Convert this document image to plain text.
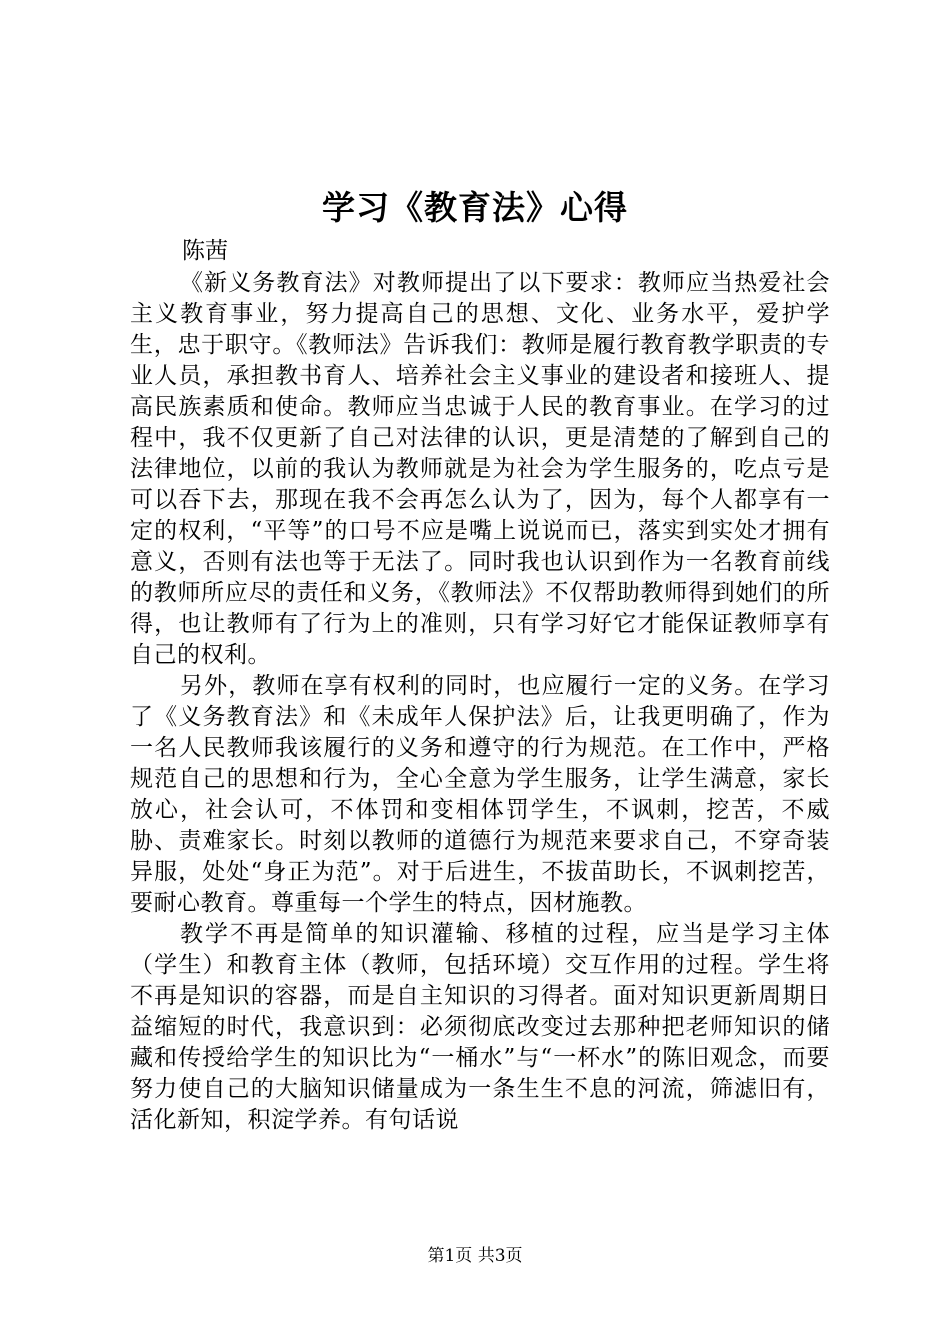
学习《教育法》心得
陈茜

《新义务教育法》对教师提出了以下要求：教师应当热爱社会主义教育事业，努力提高自己的思想、文化、业务水平，爱护学生，忠于职守。《教师法》告诉我们：教师是履行教育教学职责的专业人员，承担教书育人、培养社会主义事业的建设者和接班人、提高民族素质和使命。教师应当忠诚于人民的教育事业。在学习的过程中，我不仅更新了自己对法律的认识，更是清楚的了解到自己的法律地位，以前的我认为教师就是为社会为学生服务的，吃点亏是可以吞下去，那现在我不会再怎么认为了，因为，每个人都享有一定的权利，“平等”的口号不应是嘴上说说而已，落实到实处才拥有意义，否则有法也等于无法了。同时我也认识到作为一名教育前线的教师所应尽的责任和义务，《教师法》不仅帮助教师得到她们的所得，也让教师有了行为上的准则，只有学习好它才能保证教师享有自己的权利。

另外，教师在享有权利的同时，也应履行一定的义务。在学习了《义务教育法》和《未成年人保护法》后，让我更明确了，作为一名人民教师我该履行的义务和遵守的行为规范。在工作中，严格规范自己的思想和行为，全心全意为学生服务，让学生满意，家长放心，社会认可，不体罚和变相体罚学生，不讽刺，挖苦，不威胁、责难家长。时刻以教师的道德行为规范来要求自己，不穿奇装异服，处处“身正为范”。对于后进生，不拔苗助长，不讽刺挖苦，要耐心教育。尊重每一个学生的特点，因材施教。

教学不再是简单的知识灌输、移植的过程，应当是学习主体（学生）和教育主体（教师，包括环境）交互作用的过程。学生将不再是知识的容器，而是自主知识的习得者。面对知识更新周期日益缩短的时代，我意识到：必须彻底改变过去那种把老师知识的储藏和传授给学生的知识比为“一桶水”与“一杯水”的陈旧观念，而要努力使自己的大脑知识储量成为一条生生不息的河流，筛滤旧有，活化新知，积淀学养。有句话说

第1页 共3页
